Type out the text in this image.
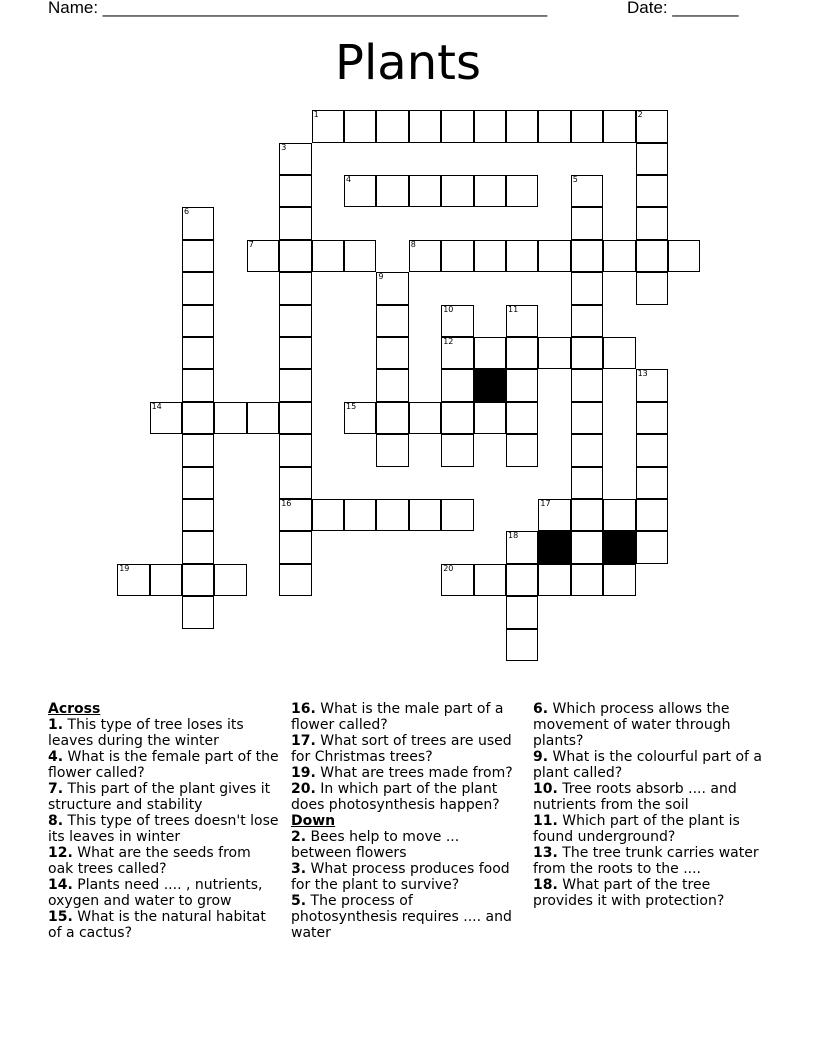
Name: _______________________________________________	Date: _______
Plants
1	2
3
16
4	5
6
7	8
9
10
12
11
13
14	15
17
18
19	20
Across
1. This type of tree loses its leaves during the winter
4. What is the female part of the flower called?
7. This part of the plant gives it structure and stability
8. This type of trees doesn't lose its leaves in winter
12. What are the seeds from oak trees called?
14. Plants need .... , nutrients, oxygen and water to grow
15. What is the natural habitat of a cactus?
16. What is the male part of a flower called?
17. What sort of trees are used for Christmas trees?
19. What are trees made from?
20. In which part of the plant does photosynthesis happen?
Down
2. Bees help to move ... between flowers
3. What process produces food for the plant to survive?
5. The process of photosynthesis requires .... and water
6. Which process allows the movement of water through plants?
9. What is the colourful part of a plant called?
10. Tree roots absorb .... and nutrients from the soil
11. Which part of the plant is found underground?
13. The tree trunk carries water from the roots to the ....
18. What part of the tree provides it with protection?
